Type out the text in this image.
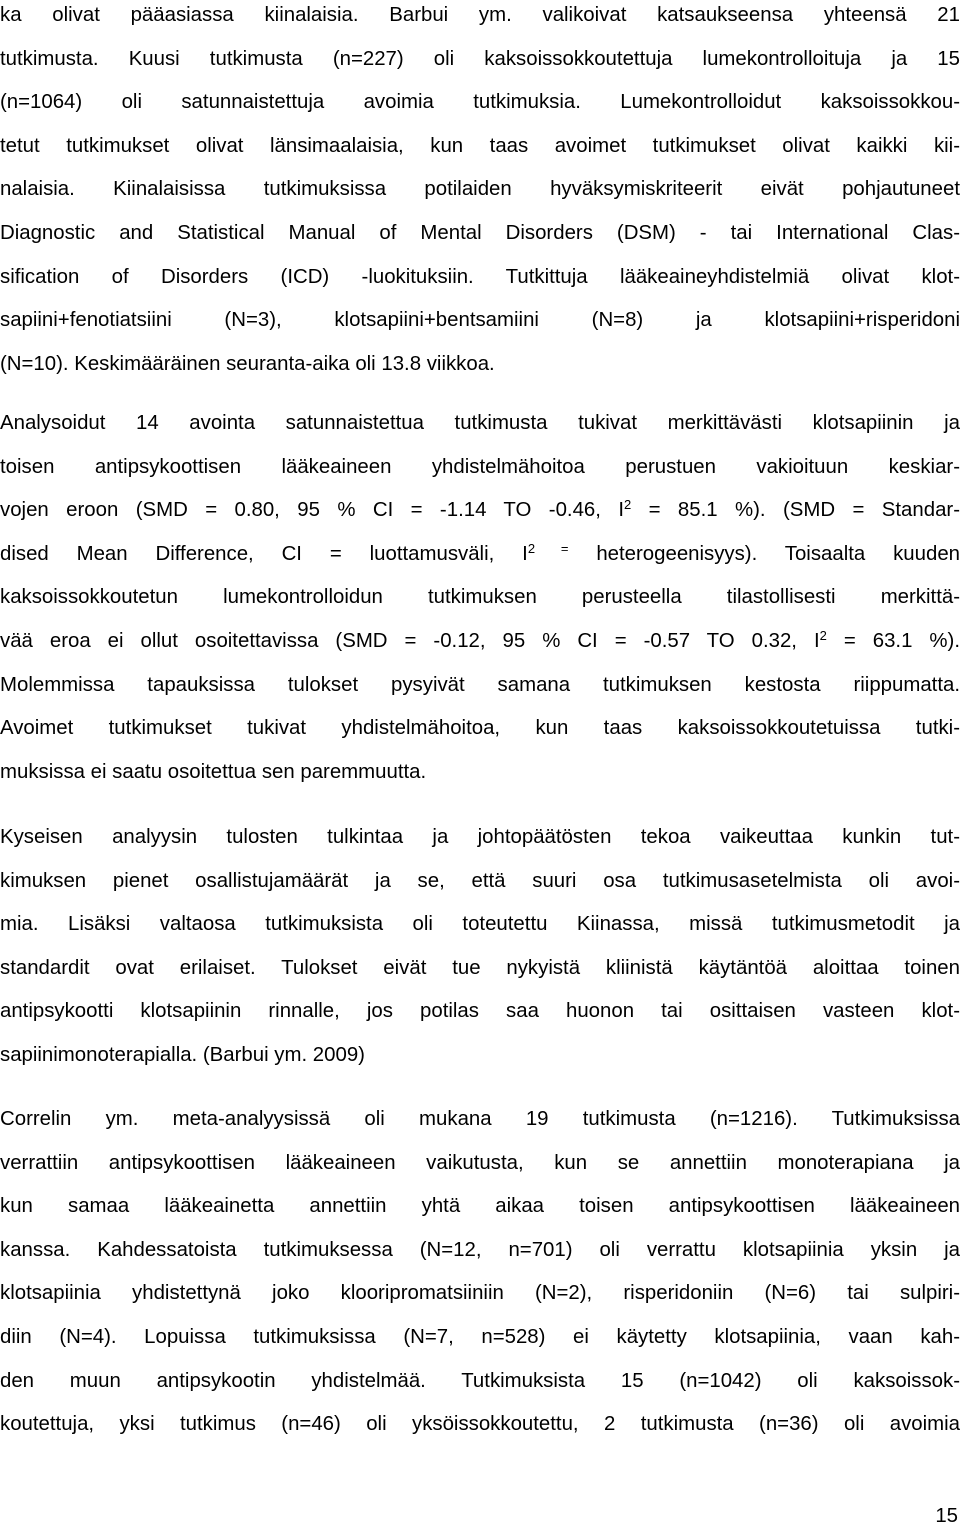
ka olivat pääasiassa kiinalaisia. Barbui ym. valikoivat katsaukseensa yhteensä 21
tutkimusta. Kuusi tutkimusta (n=227) oli kaksoissokkoutettuja lumekontrolloituja ja 15
(n=1064) oli satunnaistettuja avoimia tutkimuksia. Lumekontrolloidut kaksoissokkou-
tetut tutkimukset olivat länsimaalaisia, kun taas avoimet tutkimukset olivat kaikki kii-
nalaisia. Kiinalaisissa tutkimuksissa potilaiden hyväksymiskriteerit eivät pohjautuneet
Diagnostic and Statistical Manual of Mental Disorders (DSM) - tai International Clas-
sification of Disorders (ICD) -luokituksiin. Tutkittuja lääkeaineyhdistelmiä olivat klot-
sapiini+fenotiatsiini (N=3), klotsapiini+bentsamiini (N=8) ja klotsapiini+risperidoni
(N=10). Keskimääräinen seuranta-aika oli 13.8 viikkoa.
Analysoidut 14 avointa satunnaistettua tutkimusta tukivat merkittävästi klotsapiinin ja
toisen antipsykoottisen lääkeaineen yhdistelmähoitoa perustuen vakioituun keskiar-
vojen eroon (SMD = 0.80, 95 % CI = -1.14 TO -0.46, $I^2 = 85.1$ %). (SMD = Standar-
dised Mean Difference, CI = luottamusväli, $I^{2 =}$ heterogeenisyys). Toisaalta kuuden
kaksoissokkoutetun lumekontrolloidun tutkimuksen perusteella tilastollisesti merkittä-
vää eroa ei ollut osoitettavissa (SMD = -0.12, 95 % CI = -0.57 TO 0.32, $I^2 = 63.1$ %).
Molemmissa tapauksissa tulokset pysyivät samana tutkimuksen kestosta riippumatta.
Avoimet tutkimukset tukivat yhdistelmähoitoa, kun taas kaksoissokkoutetuissa tutki-
muksissa ei saatu osoitettua sen paremmuutta.
Kyseisen analyysin tulosten tulkintaa ja johtopäätösten tekoa vaikeuttaa kunkin tut-
kimuksen pienet osallistujamäärät ja se, että suuri osa tutkimusasetelmista oli avoi-
mia. Lisäksi valtaosa tutkimuksista oli toteutettu Kiinassa, missä tutkimusmetodit ja
standardit ovat erilaiset. Tulokset eivät tue nykyistä kliinistä käytäntöä aloittaa toinen
antipsykootti klotsapiinin rinnalle, jos potilas saa huonon tai osittaisen vasteen klot-
sapiinimonoterapialla. (Barbui ym. 2009)
Correlin ym. meta-analyysissä oli mukana 19 tutkimusta (n=1216). Tutkimuksissa
verrattiin antipsykoottisen lääkeaineen vaikutusta, kun se annettiin monoterapiana ja
kun samaa lääkeainetta annettiin yhtä aikaa toisen antipsykoottisen lääkeaineen
kanssa. Kahdessatoista tutkimuksessa (N=12, n=701) oli verrattu klotsapiinia yksin ja
klotsapiinia yhdistettynä joko klooripromatsiiniin (N=2), risperidoniin (N=6) tai sulpiri-
diin (N=4). Lopuissa tutkimuksissa (N=7, n=528) ei käytetty klotsapiinia, vaan kah-
den muun antipsykootin yhdistelmää. Tutkimuksista 15 (n=1042) oli kaksoissok-
koutettuja, yksi tutkimus (n=46) oli yksöissokkoutettu, 2 tutkimusta (n=36) oli avoimia
15
